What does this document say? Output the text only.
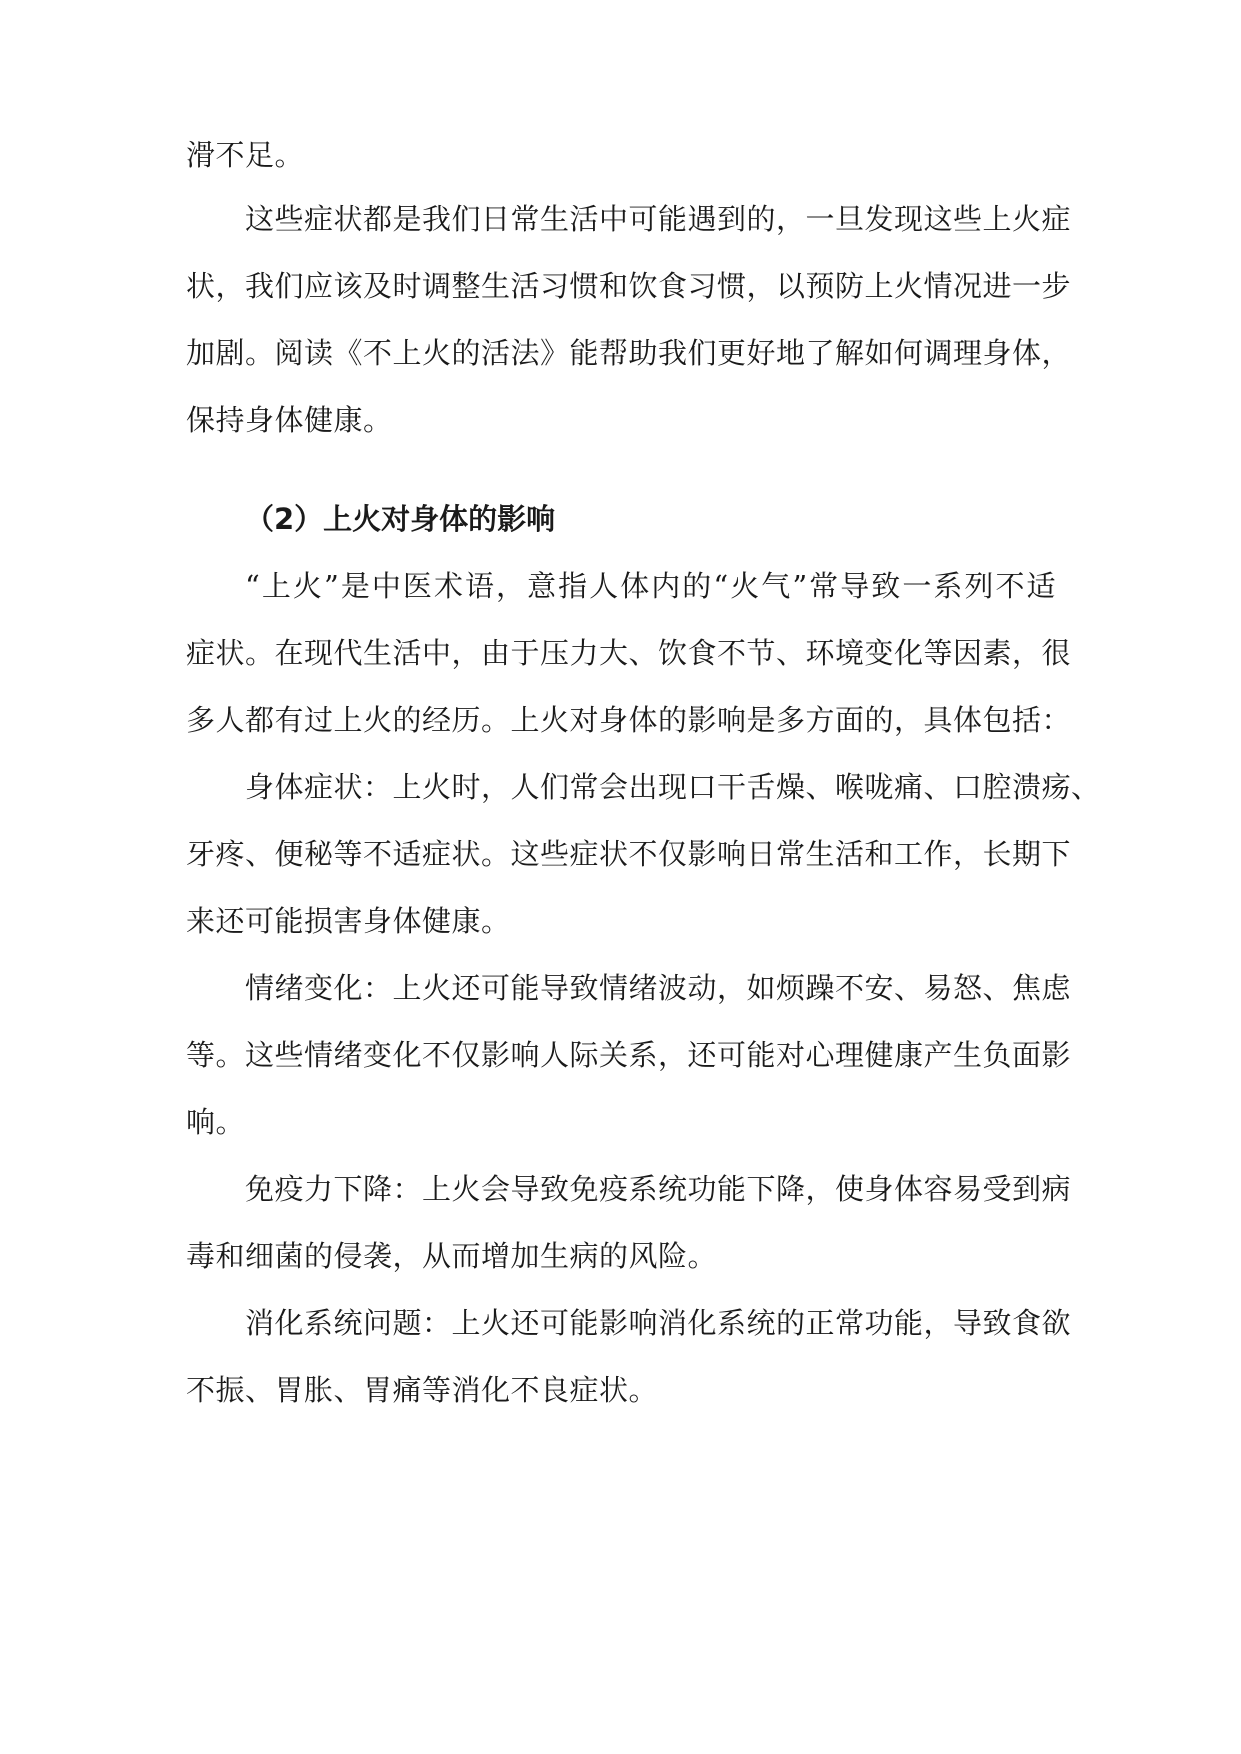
滑不足。
这些症状都是我们日常生活中可能遇到的，一旦发现这些上火症
状，我们应该及时调整生活习惯和饮食习惯，以预防上火情况进一步
加剧。阅读《不上火的活法》能帮助我们更好地了解如何调理身体，
保持身体健康。
（2）上火对身体的影响
“上火”是中医术语，意指人体内的“火气”常导致一系列不适
症状。在现代生活中，由于压力大、饮食不节、环境变化等因素，很
多人都有过上火的经历。上火对身体的影响是多方面的，具体包括：
身体症状：上火时，人们常会出现口干舌燥、喉咙痛、口腔溃疡、
牙疼、便秘等不适症状。这些症状不仅影响日常生活和工作，长期下
来还可能损害身体健康。
情绪变化：上火还可能导致情绪波动，如烦躁不安、易怒、焦虑
等。这些情绪变化不仅影响人际关系，还可能对心理健康产生负面影
响。
免疫力下降：上火会导致免疫系统功能下降，使身体容易受到病
毒和细菌的侵袭，从而增加生病的风险。
消化系统问题：上火还可能影响消化系统的正常功能，导致食欲
不振、胃胀、胃痛等消化不良症状。
